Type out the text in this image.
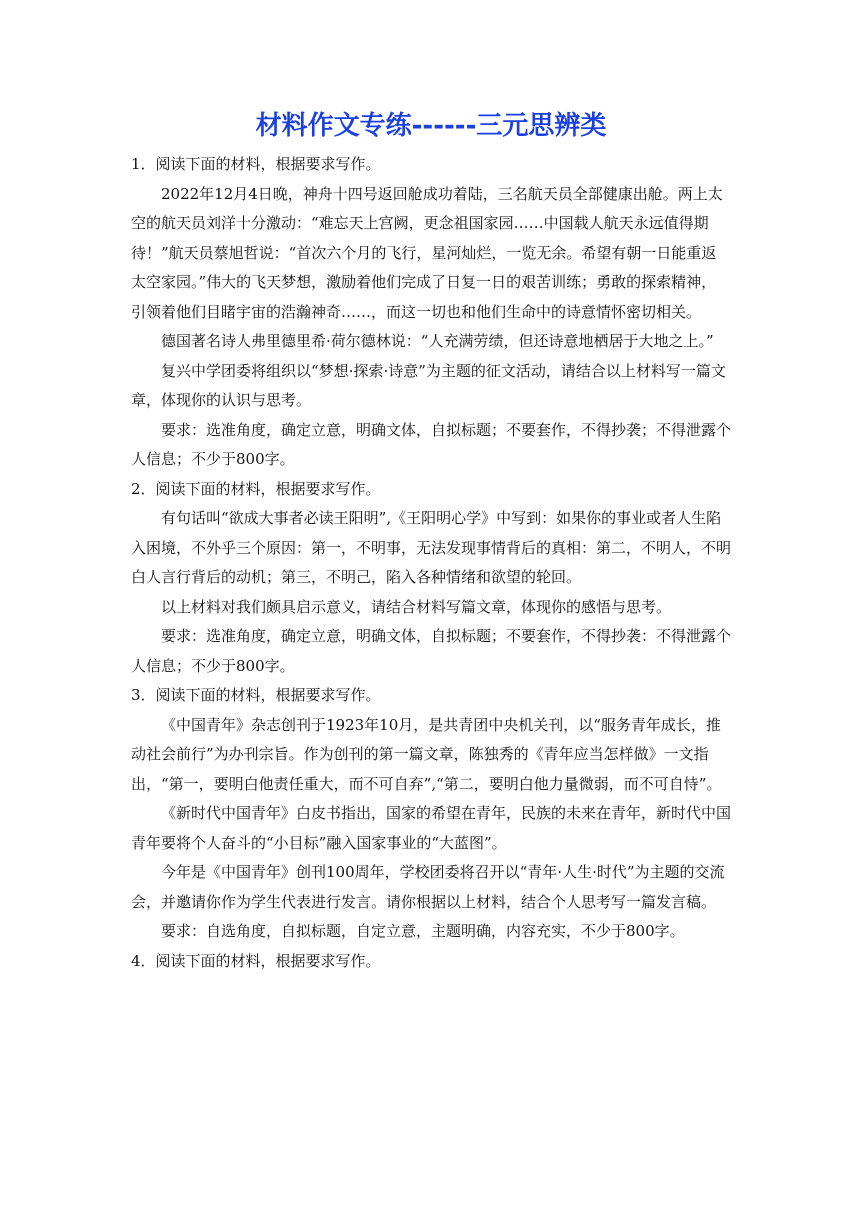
材料作文专练------三元思辨类

1．阅读下面的材料，根据要求写作。

2022年12月4日晚，神舟十四号返回舱成功着陆，三名航天员全部健康出舱。两上太空的航天员刘洋十分激动：“难忘天上宫阙，更念祖国家园……中国载人航天永远值得期待！”航天员蔡旭哲说：“首次六个月的飞行，星河灿烂，一览无余。希望有朝一日能重返太空家园。”伟大的飞天梦想，激励着他们完成了日复一日的艰苦训练；勇敢的探索精神，引领着他们目睹宇宙的浩瀚神奇……，而这一切也和他们生命中的诗意情怀密切相关。

德国著名诗人弗里德里希·荷尔德林说：“人充满劳绩，但还诗意地栖居于大地之上。”

复兴中学团委将组织以“梦想·探索·诗意”为主题的征文活动，请结合以上材料写一篇文章，体现你的认识与思考。

要求：选准角度，确定立意，明确文体，自拟标题；不要套作，不得抄袭；不得泄露个人信息；不少于800字。

2．阅读下面的材料，根据要求写作。

有句话叫“欲成大事者必读王阳明”,《王阳明心学》中写到：如果你的事业或者人生陷入困境，不外乎三个原因：第一，不明事，无法发现事情背后的真相：第二，不明人，不明白人言行背后的动机；第三，不明己，陷入各种情绪和欲望的轮回。

以上材料对我们颇具启示意义，请结合材料写篇文章，体现你的感悟与思考。

要求：选准角度，确定立意，明确文体，自拟标题；不要套作，不得抄袭：不得泄露个人信息；不少于800字。

3．阅读下面的材料，根据要求写作。

《中国青年》杂志创刊于1923年10月，是共青团中央机关刊，以“服务青年成长，推动社会前行”为办刊宗旨。作为创刊的第一篇文章，陈独秀的《青年应当怎样做》一文指出，“第一，要明白他责任重大，而不可自弃”,“第二，要明白他力量微弱，而不可自恃”。

《新时代中国青年》白皮书指出，国家的希望在青年，民族的未来在青年，新时代中国青年要将个人奋斗的“小目标”融入国家事业的“大蓝图”。

今年是《中国青年》创刊100周年，学校团委将召开以“青年·人生·时代”为主题的交流会，并邀请你作为学生代表进行发言。请你根据以上材料，结合个人思考写一篇发言稿。

要求：自选角度，自拟标题，自定立意，主题明确，内容充实，不少于800字。

4．阅读下面的材料，根据要求写作。
